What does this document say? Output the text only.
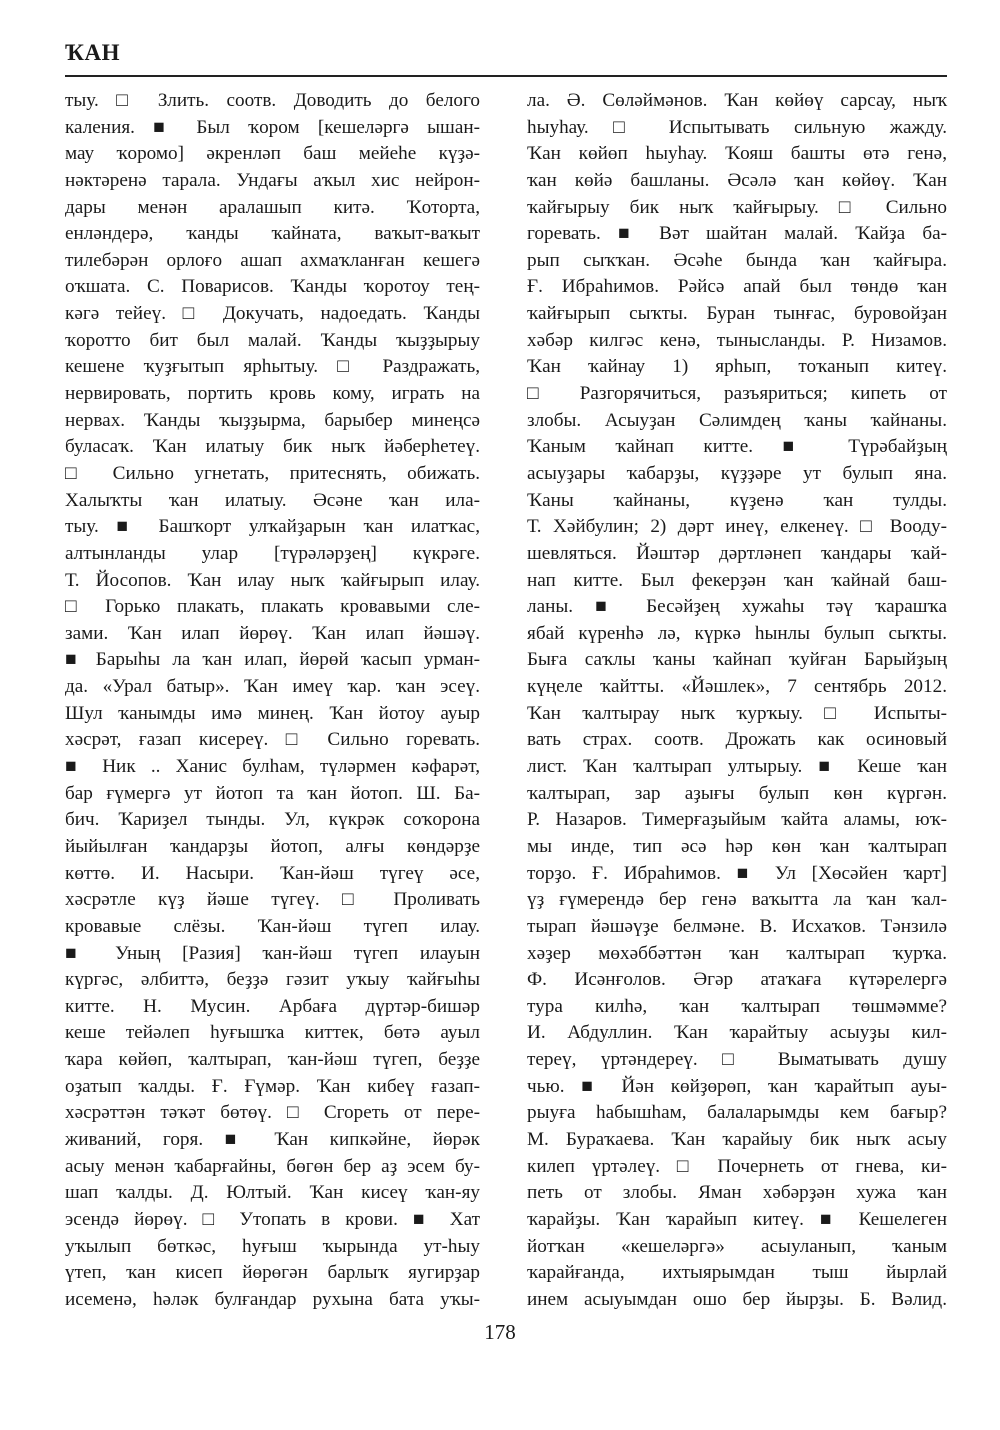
ҠАН
тыу. □ Злить. соотв. Доводить до белого
каления. ■ Был ҡором [кешеләргә ышан-
мау ҡоромо] әкренләп баш мейеһе күҙә-
нәктәренә тарала. Ундағы аҡыл хис нейрон-
дары менән аралашып китә. Ҡоторта,
енләндерә, ҡанды ҡайната, ваҡыт-ваҡыт
тилебәрән орлоғо ашап ахмаҡланған кешегә
оҡшата. С. Поварисов. Ҡанды ҡоротоу тең-
кәгә тейеү. □ Докучать, надоедать. Ҡанды
ҡоротто бит был малай. Ҡанды ҡыҙҙырыу
кешене ҡуҙғытып ярһытыу. □ Раздражать,
нервировать, портить кровь кому, играть на
нервах. Ҡанды ҡыҙҙырма, барыбер минеңсә
буласаҡ. Ҡан илатыу бик ныҡ йәберһетеү.
□ Сильно угнетать, притеснять, обижать.
Халыҡты ҡан илатыу. Әсәне ҡан ила-
тыу. ■ Башҡорт улҡайҙарын ҡан илатҡас,
алтынланды улар [түрәләрҙең] күкрәге.
Т. Йосопов. Ҡан илау ныҡ ҡайғырып илау.
□ Горько плакать, плакать кровавыми сле-
зами. Ҡан илап йөрөү. Ҡан илап йәшәү.
■ Барыһы ла ҡан илап, йөрөй ҡасып урман-
да. «Урал батыр». Ҡан имеү ҡар. ҡан эсеү.
Шул ҡанымды имә минең. Ҡан йотоу ауыр
хәсрәт, ғазап кисереү. □ Сильно горевать.
■ Ник .. Ханис булһам, түләрмен кәфарәт,
бар ғүмергә ут йотоп та ҡан йотоп. Ш. Ба-
бич. Ҡариҙел тынды. Ул, күкрәк соҡорона
йыйылған ҡандарҙы йотоп, алғы көндәрҙе
көттө. И. Насыри. Ҡан-йәш түгеү әсе,
хәсрәтле күҙ йәше түгеү. □ Проливать
кровавые слёзы. Ҡан-йәш түгеп илау.
■ Уның [Разия] ҡан-йәш түгеп илауын
күргәс, әлбиттә, беҙҙә гәзит уҡыу ҡайғыһы
китте. Н. Мусин. Арбаға дүртәр-бишәр
кеше тейәлеп һуғышҡа киттек, бөтә ауыл
ҡара көйөп, ҡалтырап, ҡан-йәш түгеп, беҙҙе
оҙатып ҡалды. Ғ. Ғүмәр. Ҡан кибеү ғазап-
хәсрәттән тәҡәт бөтөү. □ Сгореть от пере-
живаний, горя. ■ Ҡан кипкәйне, йөрәк
асыу менән ҡабарғайны, бөгөн бер аҙ эсем бу-
шап ҡалды. Д. Юлтый. Ҡан кисеү ҡан-яу
эсендә йөрөү. □ Утопать в крови. ■ Хат
уҡылып бөткәс, һуғыш ҡырында ут-һыу
үтеп, ҡан кисеп йөрөгән барлыҡ яугирҙар
исеменә, һәләк булғандар рухына бата уҡы-
ла. Ә. Сөләймәнов. Ҡан көйөү сарсау, ныҡ
һыуһау. □ Испытывать сильную жажду.
Ҡан көйөп һыуһау. Ҡояш башты өтә генә,
ҡан көйә башланы. Әсәлә ҡан көйөү. Ҡан
ҡайғырыу бик ныҡ ҡайғырыу. □ Сильно
горевать. ■ Вәт шайтан малай. Ҡайҙа ба-
рып сыҡҡан. Әсәһе бында ҡан ҡайғыра.
Ғ. Ибраһимов. Рәйсә апай был төндө ҡан
ҡайғырып сыҡты. Буран тынғас, буровойҙан
хәбәр килгәс кенә, тынысланды. Р. Низамов.
Ҡан ҡайнау 1) ярһып, тоҡанып китеү.
□ Разгорячиться, разъяриться; кипеть от
злобы. Асыуҙан Сәлимдең ҡаны ҡайнаны.
Ҡаным ҡайнап китте. ■ Түрәбайҙың
асыуҙары ҡабарҙы, күҙҙәре ут булып яна.
Ҡаны ҡайнаны, күҙенә ҡан тулды.
Т. Хәйбулин; 2) дәрт инеү, елкенеү. □ Вооду-
шевляться. Йәштәр дәртләнеп ҡандары ҡай-
нап китте. Был фекерҙән ҡан ҡайнай баш-
ланы. ■ Бесәйҙең хужаһы тәү ҡарашҡа
ябай күренһә лә, күркә һынлы булып сыҡты.
Быға саҡлы ҡаны ҡайнап ҡуйған Барыйҙың
күңеле ҡайтты. «Йәшлек», 7 сентябрь 2012.
Ҡан ҡалтырау ныҡ ҡурҡыу. □ Испыты-
вать страх. соотв. Дрожать как осиновый
лист. Ҡан ҡалтырап ултырыу. ■ Кеше ҡан
ҡалтырап, зар аҙығы булып көн күргән.
Р. Назаров. Тимерғаҙыйым ҡайта аламы, юҡ-
мы инде, тип әсә һәр көн ҡан ҡалтырап
торҙо. Ғ. Ибраһимов. ■ Ул [Хөсәйен ҡарт]
үҙ ғүмерендә бер генә ваҡытта ла ҡан ҡал-
тырап йәшәүҙе белмәне. В. Исхаҡов. Тәнзилә
хәҙер мөхәббәттән ҡан ҡалтырап ҡурҡа.
Ф. Исәнғолов. Әгәр атаҡаға күтәрелергә
тура килһә, ҡан ҡалтырап төшмәмме?
И. Абдуллин. Ҡан ҡарайтыу асыуҙы кил-
тереү, үртәндереү. □ Выматывать душу
чью. ■ Йән көйҙөрөп, ҡан ҡарайтып ауы-
рыуға һабышһам, балаларымды кем бағыр?
М. Бураҡаева. Ҡан ҡарайыу бик ныҡ асыу
килеп үртәлеү. □ Почернеть от гнева, ки-
петь от злобы. Яман хәбәрҙән хужа ҡан
ҡарайҙы. Ҡан ҡарайып китеү. ■ Кешелеген
йотҡан «кешеләргә» асыуланып, ҡаным
ҡарайғанда, ихтыярымдан тыш йырлай
инем асыуымдан ошо бер йырҙы. Б. Вәлид.
178
